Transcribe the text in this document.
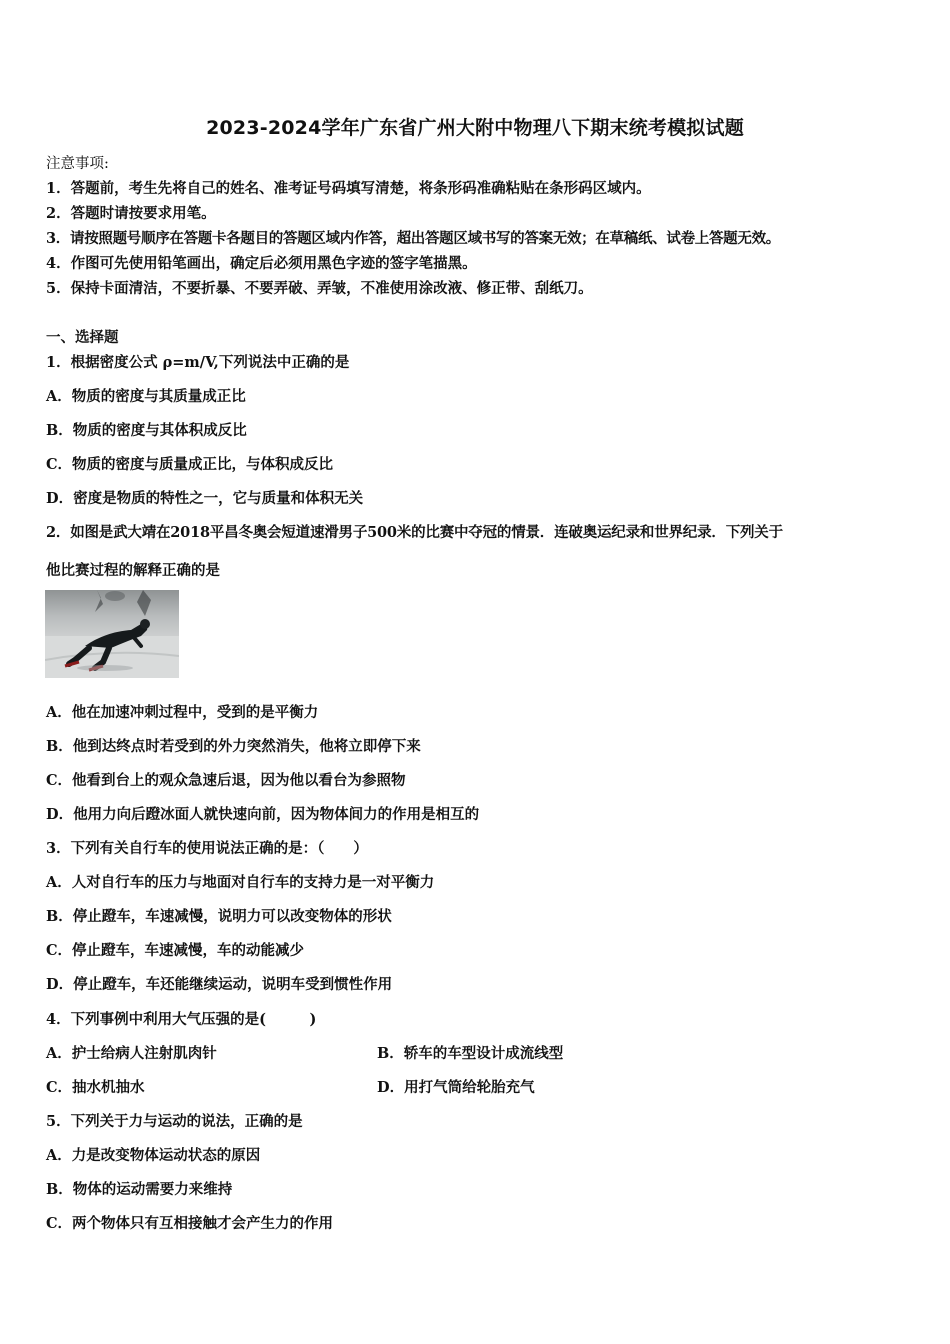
2023-2024学年广东省广州大附中物理八下期末统考模拟试题
注意事项:
1．答题前，考生先将自己的姓名、准考证号码填写清楚，将条形码准确粘贴在条形码区域内。
2．答题时请按要求用笔。
3．请按照题号顺序在答题卡各题目的答题区域内作答，超出答题区域书写的答案无效；在草稿纸、试卷上答题无效。
4．作图可先使用铅笔画出，确定后必须用黑色字迹的签字笔描黑。
5．保持卡面清洁，不要折暴、不要弄破、弄皱，不准使用涂改液、修正带、刮纸刀。
一、选择题
1．根据密度公式 ρ=m/V,下列说法中正确的是
A．物质的密度与其质量成正比
B．物质的密度与其体积成反比
C．物质的密度与质量成正比，与体积成反比
D．密度是物质的特性之一，它与质量和体积无关
2．如图是武大靖在2018平昌冬奥会短道速滑男子500米的比赛中夺冠的情景．连破奥运纪录和世界纪录．下列关于
他比赛过程的解释正确的是
A．他在加速冲刺过程中，受到的是平衡力
B．他到达终点时若受到的外力突然消失，他将立即停下来
C．他看到台上的观众急速后退，因为他以看台为参照物
D．他用力向后蹬冰面人就快速向前，因为物体间力的作用是相互的
3．下列有关自行车的使用说法正确的是：（　　）
A．人对自行车的压力与地面对自行车的支持力是一对平衡力
B．停止蹬车，车速减慢，说明力可以改变物体的形状
C．停止蹬车，车速减慢，车的动能减少
D．停止蹬车，车还能继续运动，说明车受到惯性作用
4．下列事例中利用大气压强的是(　　　)
A．护士给病人注射肌肉针	B．轿车的车型设计成流线型
C．抽水机抽水	D．用打气筒给轮胎充气
5．下列关于力与运动的说法，正确的是
A．力是改变物体运动状态的原因
B．物体的运动需要力来维持
C．两个物体只有互相接触才会产生力的作用
